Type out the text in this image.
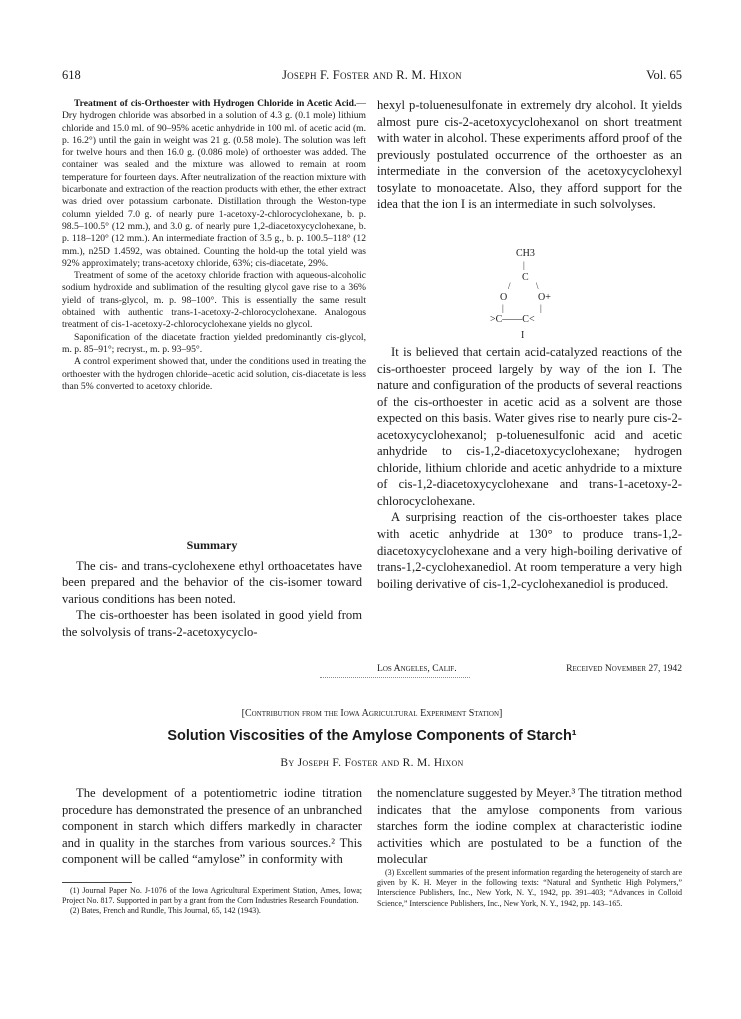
618	Joseph F. Foster and R. M. Hixon	Vol. 65

Treatment of cis-Orthoester with Hydrogen Chloride in Acetic Acid.—Dry hydrogen chloride was absorbed in a solution of 4.3 g. (0.1 mole) lithium chloride and 15.0 ml. of 90–95% acetic anhydride in 100 ml. of acetic acid (m. p. 16.2°) until the gain in weight was 21 g. (0.58 mole). The solution was left for twelve hours and then 16.0 g. (0.086 mole) of orthoester was added. The container was sealed and the mixture was allowed to remain at room temperature for fourteen days. After neutralization of the reaction mixture with bicarbonate and extraction of the reaction products with ether, the ether extract was dried over potassium carbonate. Distillation through the Weston-type column yielded 7.0 g. of nearly pure 1-acetoxy-2-chlorocyclohexane, b. p. 98.5–100.5° (12 mm.), and 3.0 g. of nearly pure 1,2-diacetoxycyclohexane, b. p. 118–120° (12 mm.). An intermediate fraction of 3.5 g., b. p. 100.5–118° (12 mm.), n25D 1.4592, was obtained. Counting the hold-up the total yield was 92% approximately; trans-acetoxy chloride, 63%; cis-diacetate, 29%.

Treatment of some of the acetoxy chloride fraction with aqueous-alcoholic sodium hydroxide and sublimation of the resulting glycol gave rise to a 36% yield of trans-glycol, m. p. 98–100°. This is essentially the same result obtained with authentic trans-1-acetoxy-2-chlorocyclohexane. Analogous treatment of cis-1-acetoxy-2-chlorocyclohexane yields no glycol.

Saponification of the diacetate fraction yielded predominantly cis-glycol, m. p. 85–91°; recryst., m. p. 93–95°.

A control experiment showed that, under the conditions used in treating the orthoester with the hydrogen chloride–acetic acid solution, cis-diacetate is less than 5% converted to acetoxy chloride.

Summary

The cis- and trans-cyclohexene ethyl orthoacetates have been prepared and the behavior of the cis-isomer toward various conditions has been noted.

The cis-orthoester has been isolated in good yield from the solvolysis of trans-2-acetoxycyclo-

hexyl p-toluenesulfonate in extremely dry alcohol. It yields almost pure cis-2-acetoxycyclohexanol on short treatment with water in alcohol. These experiments afford proof of the previously postulated occurrence of the orthoester as an intermediate in the conversion of the acetoxycyclohexyl tosylate to monoacetate. Also, they afford support for the idea that the ion I is an intermediate in such solvolyses.

CH3
|
C
/	\
O	O+
|	|
>C——C<
I

It is believed that certain acid-catalyzed reactions of the cis-orthoester proceed largely by way of the ion I. The nature and configuration of the products of several reactions of the cis-orthoester in acetic acid as a solvent are those expected on this basis. Water gives rise to nearly pure cis-2-acetoxycyclohexanol; p-toluenesulfonic acid and acetic anhydride to cis-1,2-diacetoxycyclohexane; hydrogen chloride, lithium chloride and acetic anhydride to a mixture of cis-1,2-diacetoxycyclohexane and trans-1-acetoxy-2-chlorocyclohexane.

A surprising reaction of the cis-orthoester takes place with acetic anhydride at 130° to produce trans-1,2-diacetoxycyclohexane and a very high-boiling derivative of trans-1,2-cyclohexanediol. At room temperature a very high boiling derivative of cis-1,2-cyclohexanediol is produced.

Los Angeles, Calif.	Received November 27, 1942
[Contribution from the Iowa Agricultural Experiment Station]
Solution Viscosities of the Amylose Components of Starch¹
By Joseph F. Foster and R. M. Hixon

The development of a potentiometric iodine titration procedure has demonstrated the presence of an unbranched component in starch which differs markedly in character and in quality in the starches from various sources.² This component will be called “amylose” in conformity with

(1) Journal Paper No. J-1076 of the Iowa Agricultural Experiment Station, Ames, Iowa; Project No. 817. Supported in part by a grant from the Corn Industries Research Foundation.

(2) Bates, French and Rundle, This Journal, 65, 142 (1943).

the nomenclature suggested by Meyer.³ The titration method indicates that the amylose components from various starches form the iodine complex at characteristic iodine activities which are postulated to be a function of the molecular

(3) Excellent summaries of the present information regarding the heterogeneity of starch are given by K. H. Meyer in the following texts: “Natural and Synthetic High Polymers,” Interscience Publishers, Inc., New York, N. Y., 1942, pp. 391–403; “Advances in Colloid Science,” Interscience Publishers, Inc., New York, N. Y., 1942, pp. 143–165.
